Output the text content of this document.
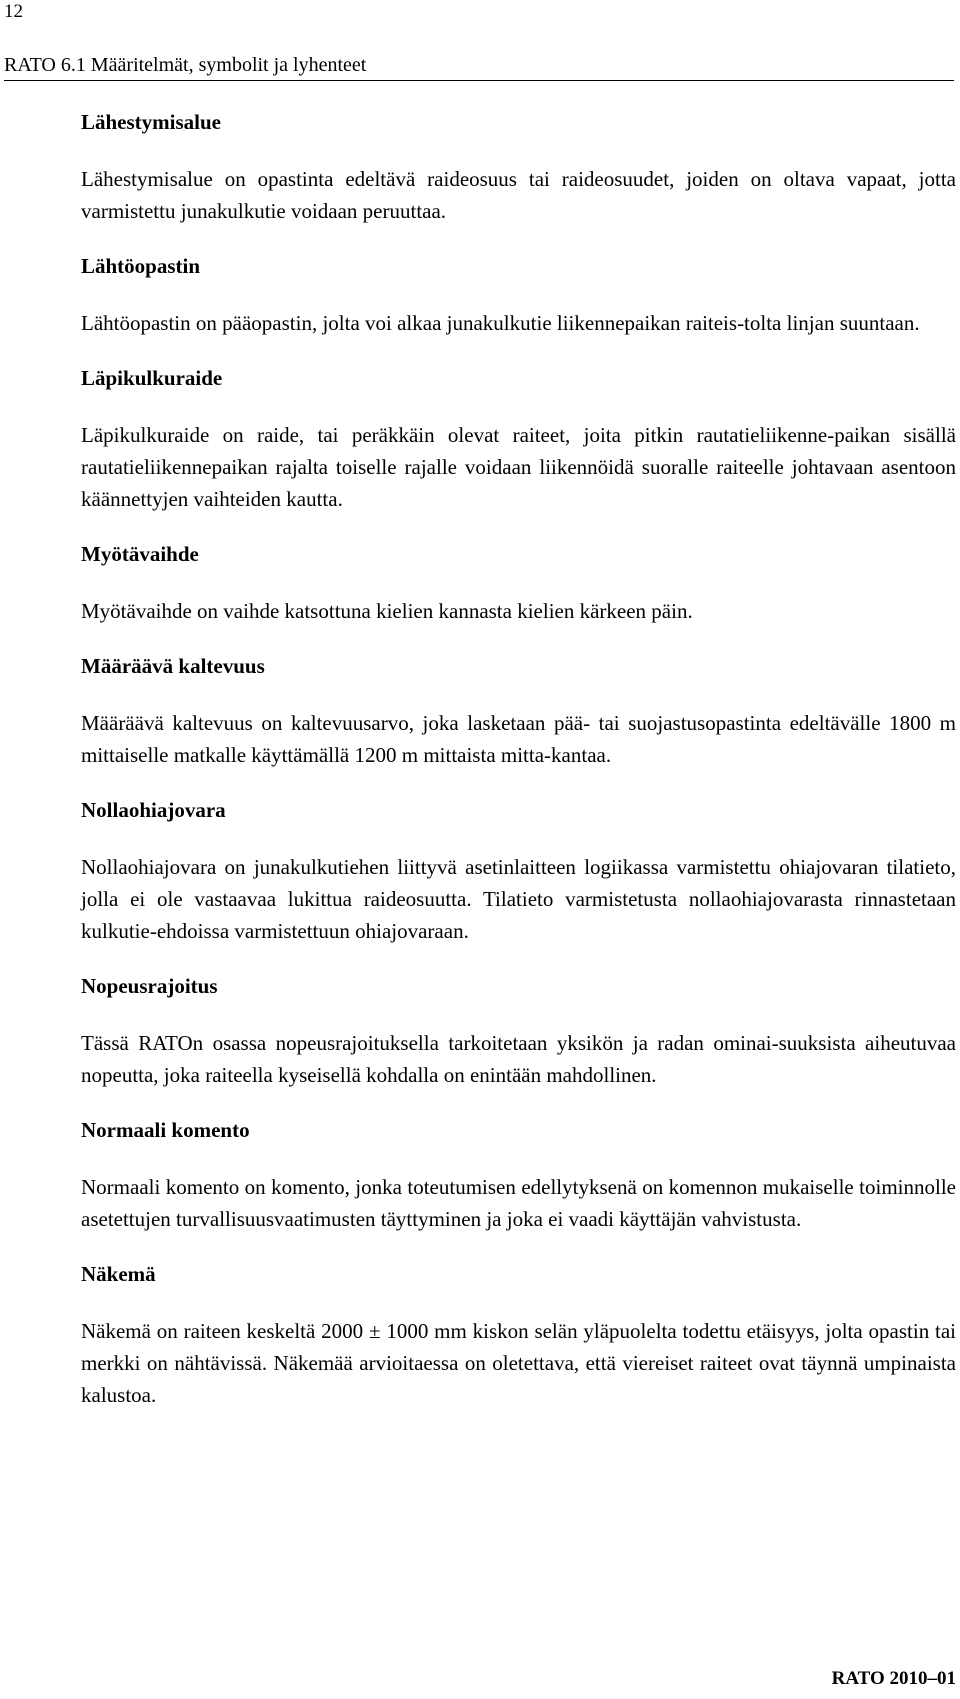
12
RATO 6.1 Määritelmät, symbolit ja lyhenteet
Lähestymisalue

Lähestymisalue on opastinta edeltävä raideosuus tai raideosuudet, joiden on oltava vapaat, jotta varmistettu junakulkutie voidaan peruuttaa.

Lähtöopastin

Lähtöopastin on pääopastin, jolta voi alkaa junakulkutie liikennepaikan raiteis-tolta linjan suuntaan.

Läpikulkuraide

Läpikulkuraide on raide, tai peräkkäin olevat raiteet, joita pitkin rautatieliikenne-paikan sisällä rautatieliikennepaikan rajalta toiselle rajalle voidaan liikennöidä suoralle raiteelle johtavaan asentoon käännettyjen vaihteiden kautta.

Myötävaihde

Myötävaihde on vaihde katsottuna kielien kannasta kielien kärkeen päin.

Määräävä kaltevuus

Määräävä kaltevuus on kaltevuusarvo, joka lasketaan pää- tai suojastusopastinta edeltävälle 1800 m mittaiselle matkalle käyttämällä 1200 m mittaista mitta-kantaa.

Nollaohiajovara

Nollaohiajovara on junakulkutiehen liittyvä asetinlaitteen logiikassa varmistettu ohiajovaran tilatieto, jolla ei ole vastaavaa lukittua raideosuutta. Tilatieto varmistetusta nollaohiajovarasta rinnastetaan kulkutie-ehdoissa varmistettuun ohiajovaraan.

Nopeusrajoitus

Tässä RATOn osassa nopeusrajoituksella tarkoitetaan yksikön ja radan ominai-suuksista aiheutuvaa nopeutta, joka raiteella kyseisellä kohdalla on enintään mahdollinen.

Normaali komento

Normaali komento on komento, jonka toteutumisen edellytyksenä on komennon mukaiselle toiminnolle asetettujen turvallisuusvaatimusten täyttyminen ja joka ei vaadi käyttäjän vahvistusta.

Näkemä

Näkemä on raiteen keskeltä 2000 ± 1000 mm kiskon selän yläpuolelta todettu etäisyys, jolta opastin tai merkki on nähtävissä. Näkemää arvioitaessa on oletettava, että viereiset raiteet ovat täynnä umpinaista kalustoa.

RATO 2010–01
